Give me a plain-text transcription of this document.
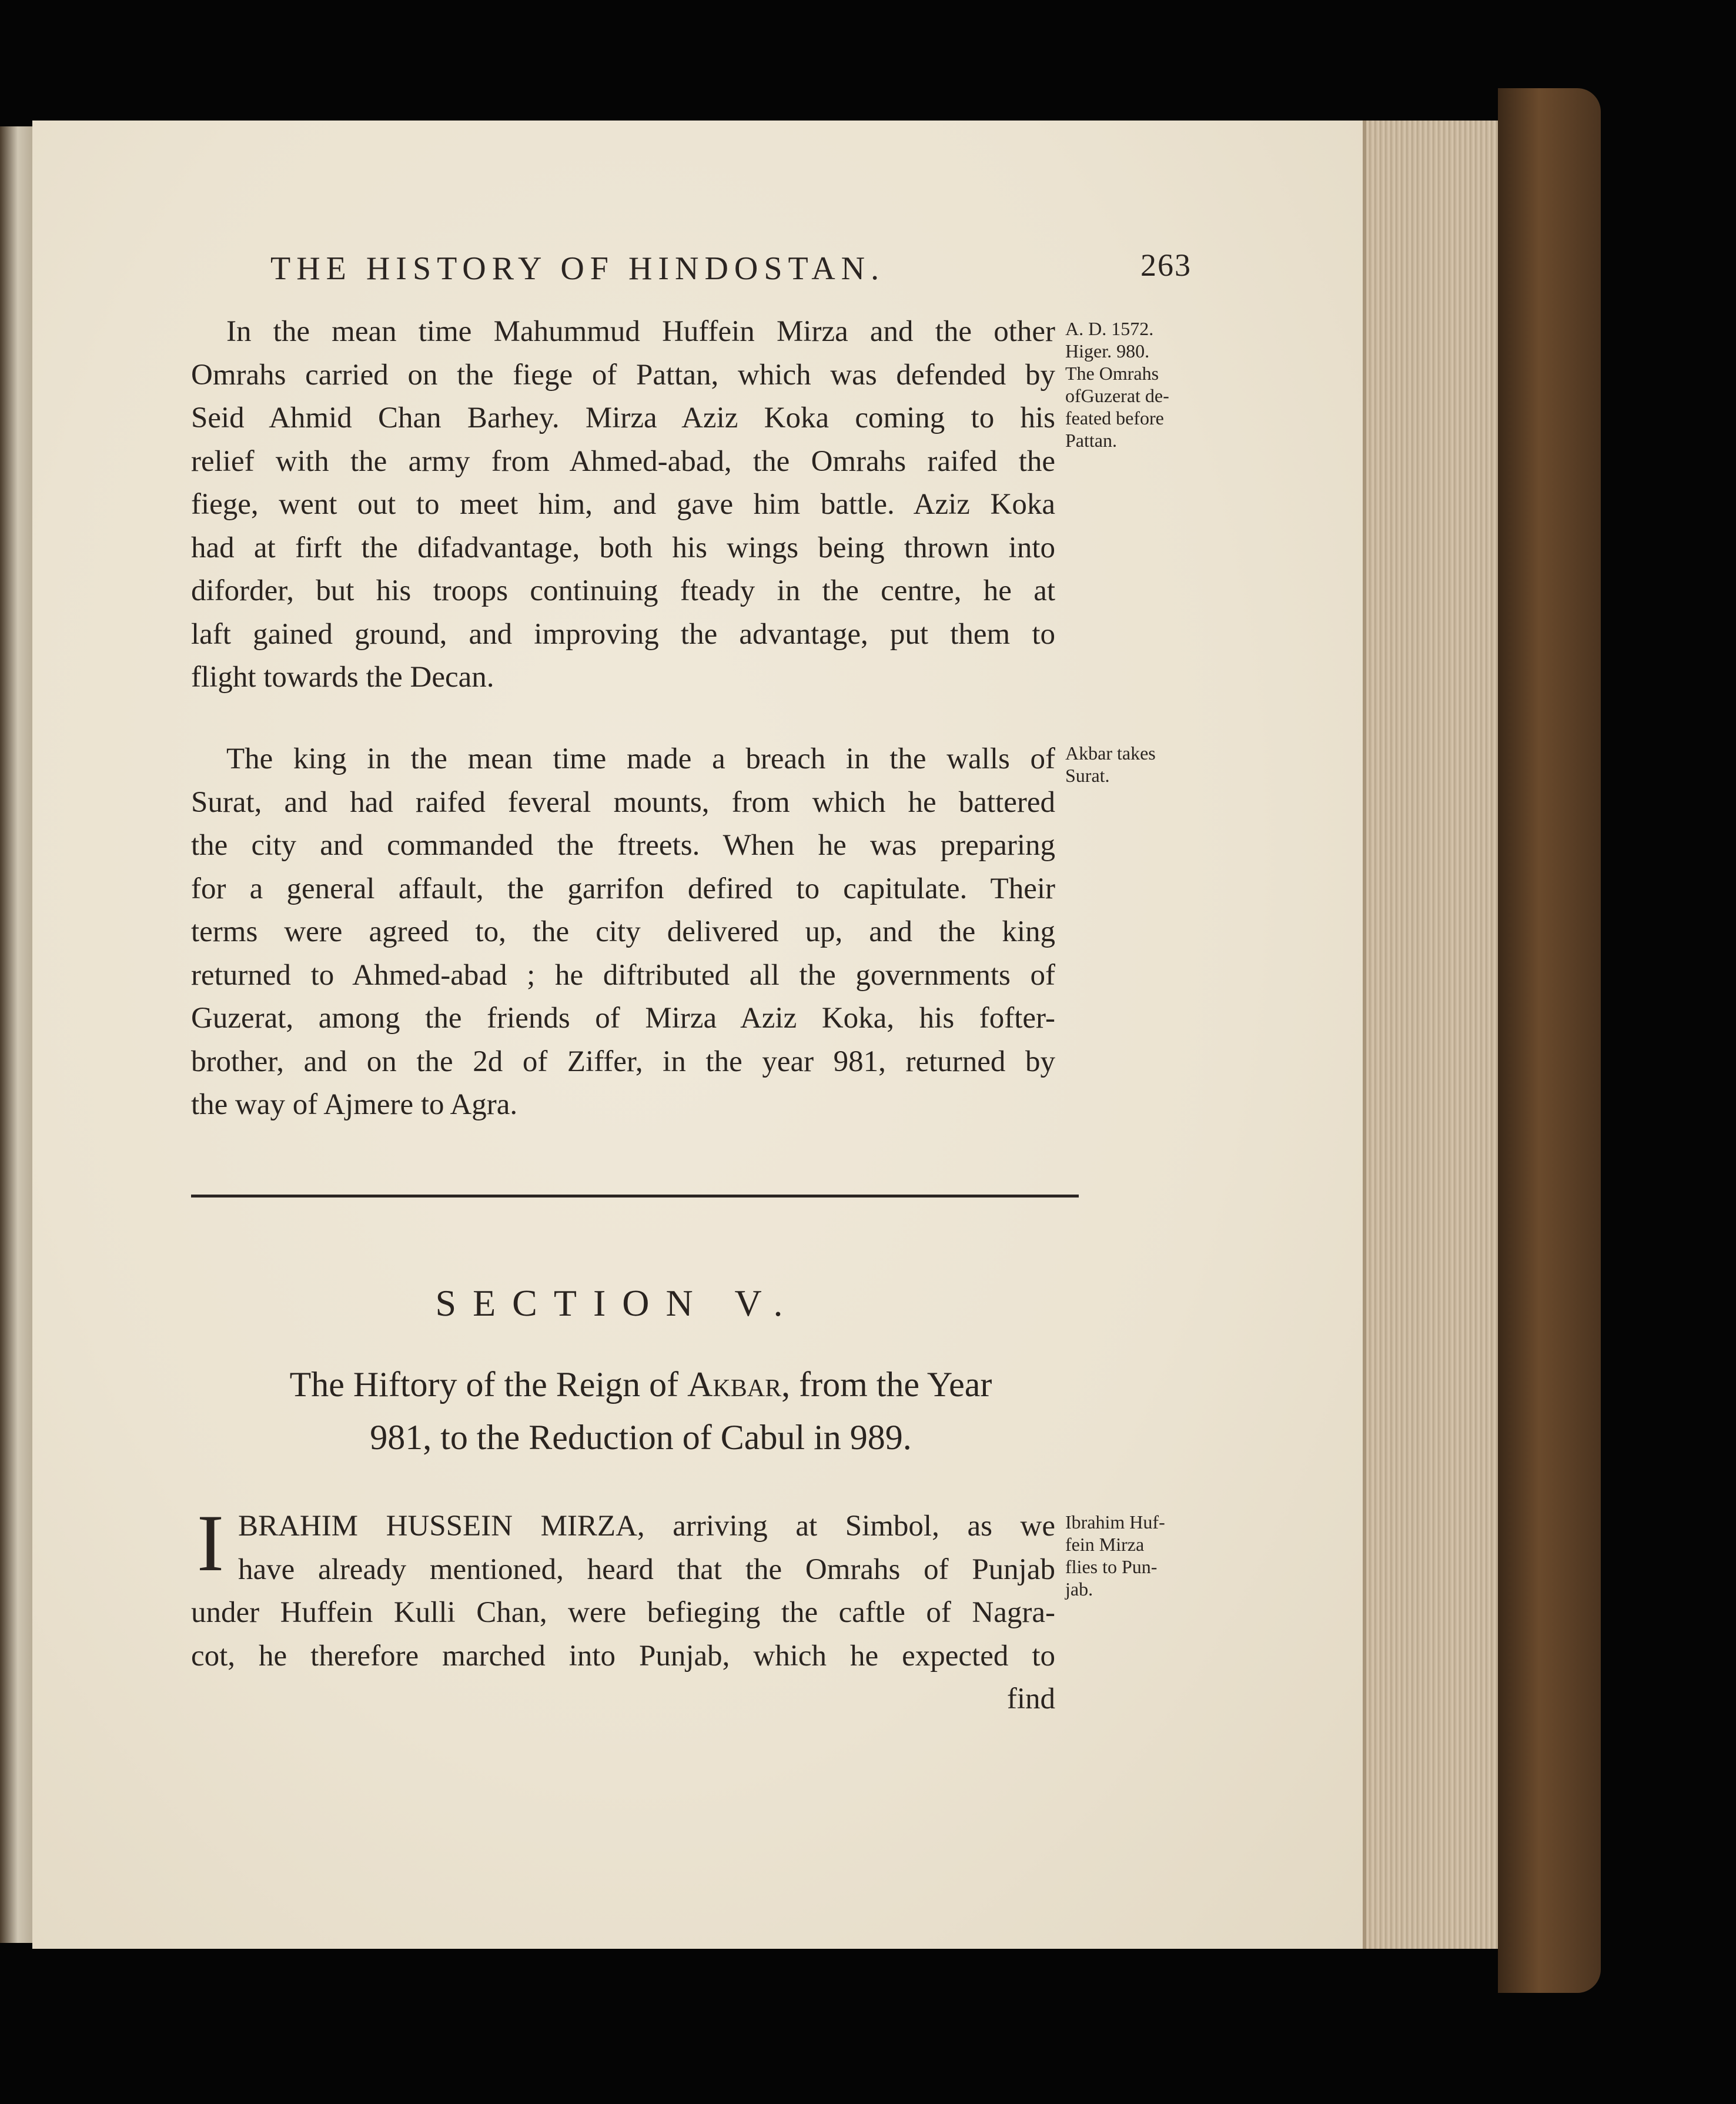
THE HISTORY OF HINDOSTAN.	263
In the mean time Mahummud Huffein Mirza and the other
Omrahs carried on the fiege of Pattan, which was defended by
Seid Ahmid Chan Barhey. Mirza Aziz Koka coming to his
relief with the army from Ahmed-abad, the Omrahs raifed the
fiege, went out to meet him, and gave him battle. Aziz Koka
had at firft the difadvantage, both his wings being thrown into
diforder, but his troops continuing fteady in the centre, he at
laft gained ground, and improving the advantage, put them to
flight towards the Decan.
The king in the mean time made a breach in the walls of
Surat, and had raifed feveral mounts, from which he battered
the city and commanded the ftreets. When he was preparing
for a general affault, the garrifon defired to capitulate. Their
terms were agreed to, the city delivered up, and the king
returned to Ahmed-abad ; he diftributed all the governments of
Guzerat, among the friends of Mirza Aziz Koka, his fofter-
brother, and on the 2d of Ziffer, in the year 981, returned by
the way of Ajmere to Agra.
SECTION V.
The Hiftory of the Reign of Akbar, from the Year
981, to the Reduction of Cabul in 989.
I BRAHIM HUSSEIN MIRZA, arriving at Simbol, as we
have already mentioned, heard that the Omrahs of Punjab
under Huffein Kulli Chan, were befieging the caftle of Nagra-
cot, he therefore marched into Punjab, which he expected to
find
A. D. 1572.
Higer. 980.
The Omrahs
ofGuzerat de-
feated before
Pattan.
Akbar takes
Surat.
Ibrahim Huf-
fein Mirza
flies to Pun-
jab.
